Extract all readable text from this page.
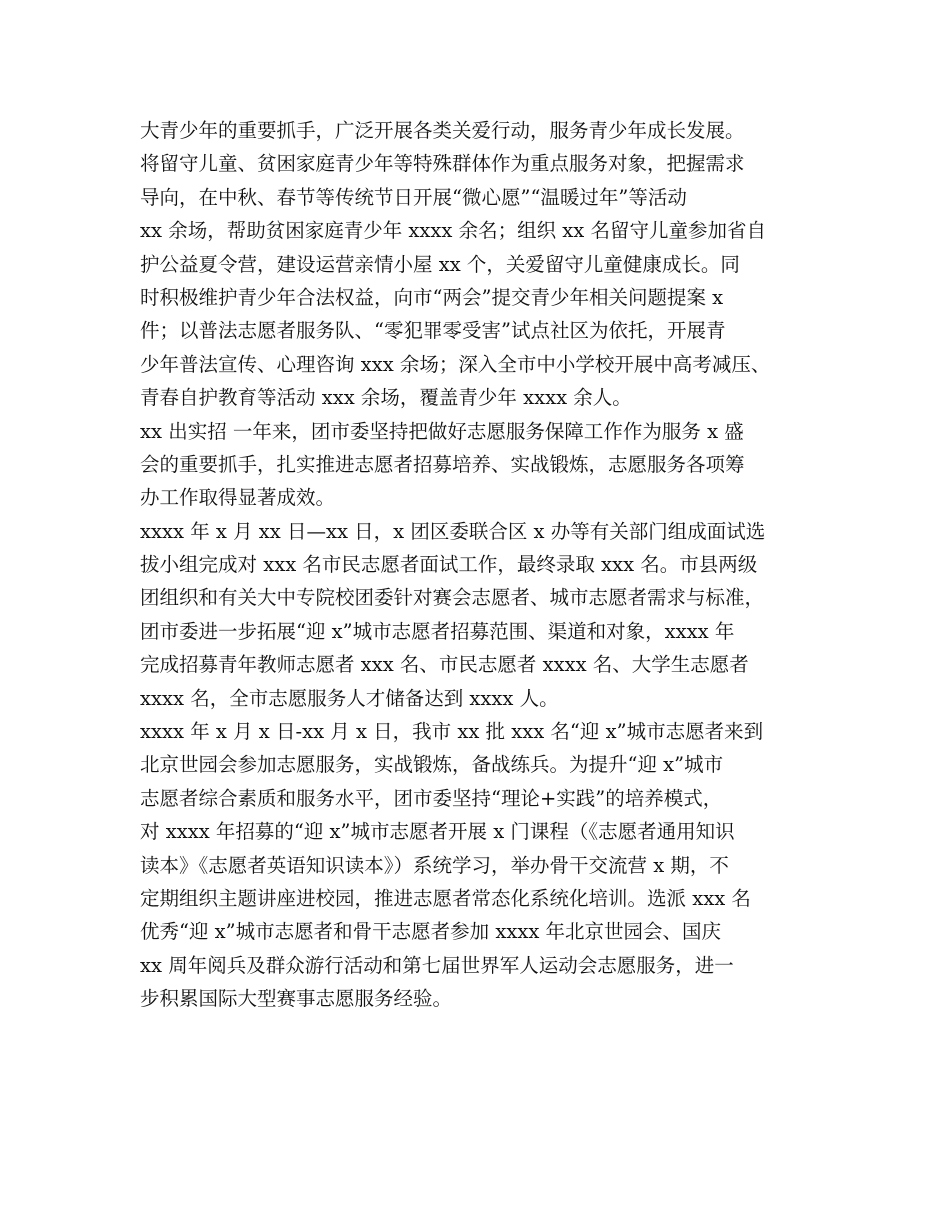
大青少年的重要抓手，广泛开展各类关爱行动，服务青少年成长发展。
将留守儿童、贫困家庭青少年等特殊群体作为重点服务对象，把握需求
导向，在中秋、春节等传统节日开展“微心愿”“温暖过年”等活动
xx 余场，帮助贫困家庭青少年 xxxx 余名；组织 xx 名留守儿童参加省自
护公益夏令营，建设运营亲情小屋 xx 个，关爱留守儿童健康成长。同
时积极维护青少年合法权益，向市“两会”提交青少年相关问题提案 x
件；以普法志愿者服务队、“零犯罪零受害”试点社区为依托，开展青
少年普法宣传、心理咨询 xxx 余场；深入全市中小学校开展中高考减压、
青春自护教育等活动 xxx 余场，覆盖青少年 xxxx 余人。
xx 出实招 一年来，团市委坚持把做好志愿服务保障工作作为服务 x 盛
会的重要抓手，扎实推进志愿者招募培养、实战锻炼，志愿服务各项筹
办工作取得显著成效。
xxxx 年 x 月 xx 日—xx 日，x 团区委联合区 x 办等有关部门组成面试选
拔小组完成对 xxx 名市民志愿者面试工作，最终录取 xxx 名。市县两级
团组织和有关大中专院校团委针对赛会志愿者、城市志愿者需求与标准，
团市委进一步拓展“迎 x”城市志愿者招募范围、渠道和对象，xxxx 年
完成招募青年教师志愿者 xxx 名、市民志愿者 xxxx 名、大学生志愿者
xxxx 名，全市志愿服务人才储备达到 xxxx 人。
xxxx 年 x 月 x 日-xx 月 x 日，我市 xx 批 xxx 名“迎 x”城市志愿者来到
北京世园会参加志愿服务，实战锻炼，备战练兵。为提升“迎 x”城市
志愿者综合素质和服务水平，团市委坚持“理论+实践”的培养模式，
对 xxxx 年招募的“迎 x”城市志愿者开展 x 门课程（《志愿者通用知识
读本》《志愿者英语知识读本》）系统学习，举办骨干交流营 x 期，不
定期组织主题讲座进校园，推进志愿者常态化系统化培训。选派 xxx 名
优秀“迎 x”城市志愿者和骨干志愿者参加 xxxx 年北京世园会、国庆
xx 周年阅兵及群众游行活动和第七届世界军人运动会志愿服务，进一
步积累国际大型赛事志愿服务经验。
